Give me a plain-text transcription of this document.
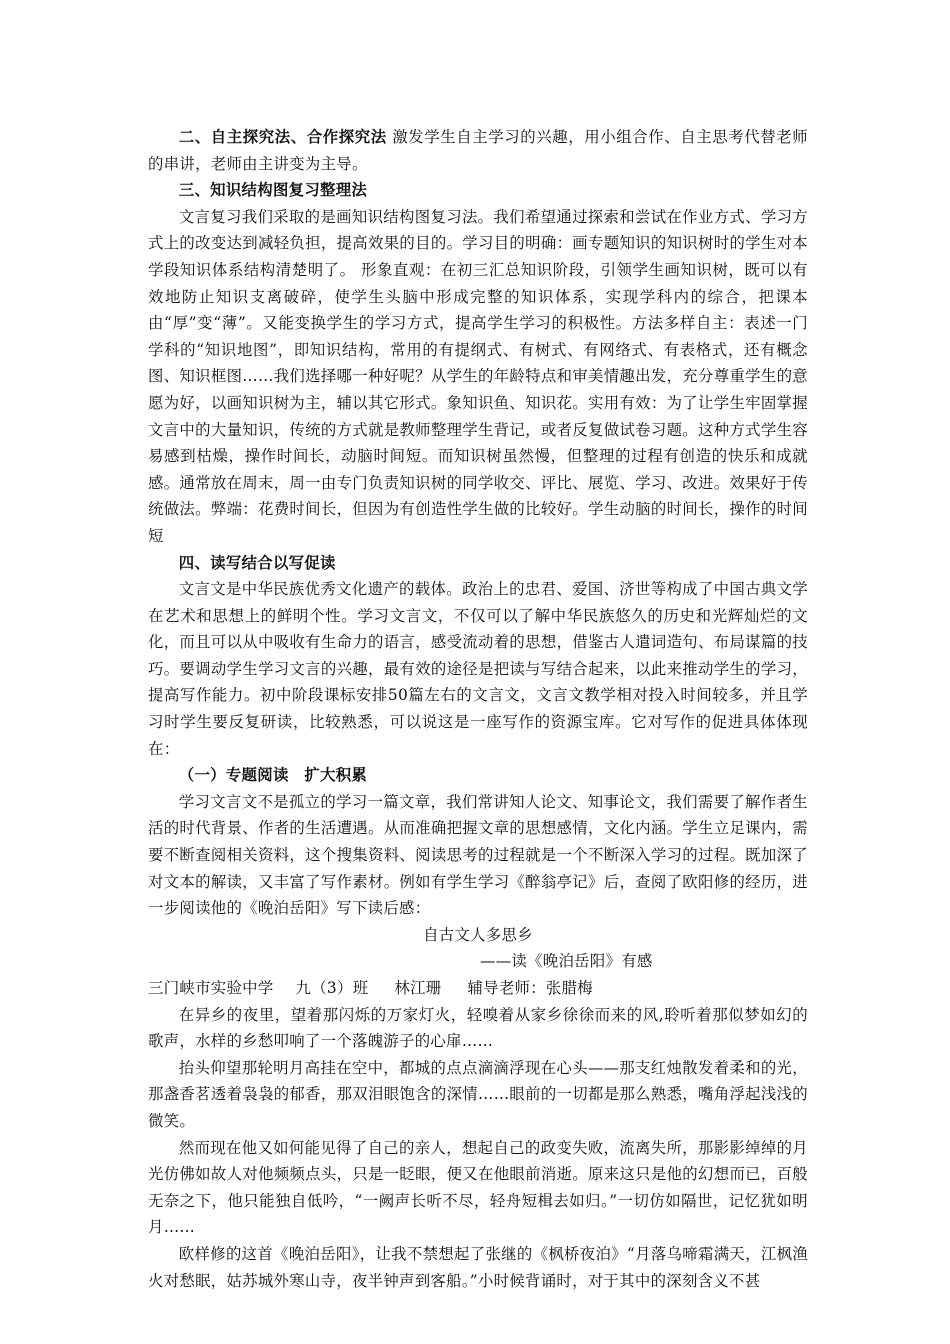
二、自主探究法、合作探究法 激发学生自主学习的兴趣，用小组合作、自主思考代替老师的串讲，老师由主讲变为主导。

三、知识结构图复习整理法

文言复习我们采取的是画知识结构图复习法。我们希望通过探索和尝试在作业方式、学习方式上的改变达到减轻负担，提高效果的目的。学习目的明确：画专题知识的知识树时的学生对本学段知识体系结构清楚明了。 形象直观：在初三汇总知识阶段，引领学生画知识树，既可以有效地防止知识支离破碎，使学生头脑中形成完整的知识体系，实现学科内的综合，把课本由“厚”变“薄”。又能变换学生的学习方式，提高学生学习的积极性。方法多样自主：表述一门学科的“知识地图”，即知识结构，常用的有提纲式、有树式、有网络式、有表格式，还有概念图、知识框图……我们选择哪一种好呢？从学生的年龄特点和审美情趣出发，充分尊重学生的意愿为好，以画知识树为主，辅以其它形式。象知识鱼、知识花。实用有效：为了让学生牢固掌握文言中的大量知识，传统的方式就是教师整理学生背记，或者反复做试卷习题。这种方式学生容易感到枯燥，操作时间长，动脑时间短。而知识树虽然慢，但整理的过程有创造的快乐和成就感。通常放在周末，周一由专门负责知识树的同学收交、评比、展览、学习、改进。效果好于传统做法。弊端：花费时间长，但因为有创造性学生做的比较好。学生动脑的时间长，操作的时间短

四、读写结合以写促读

文言文是中华民族优秀文化遗产的载体。政治上的忠君、爱国、济世等构成了中国古典文学在艺术和思想上的鲜明个性。学习文言文，不仅可以了解中华民族悠久的历史和光辉灿烂的文化，而且可以从中吸收有生命力的语言，感受流动着的思想，借鉴古人遣词造句、布局谋篇的技巧。要调动学生学习文言的兴趣，最有效的途径是把读与写结合起来，以此来推动学生的学习，提高写作能力。初中阶段课标安排50篇左右的文言文，文言文教学相对投入时间较多，并且学习时学生要反复研读，比较熟悉，可以说这是一座写作的资源宝库。它对写作的促进具体体现在：

（一）专题阅读　扩大积累

学习文言文不是孤立的学习一篇文章，我们常讲知人论文、知事论文，我们需要了解作者生活的时代背景、作者的生活遭遇。从而准确把握文章的思想感情，文化内涵。学生立足课内，需要不断查阅相关资料，这个搜集资料、阅读思考的过程就是一个不断深入学习的过程。既加深了对文本的解读，又丰富了写作素材。例如有学生学习《醉翁亭记》后，查阅了欧阳修的经历，进一步阅读他的《晚泊岳阳》写下读后感：

自古文人多思乡

——读《晚泊岳阳》有感

三门峡市实验中学 九（3）班 林江珊 辅导老师：张腊梅

在异乡的夜里，望着那闪烁的万家灯火，轻嗅着从家乡徐徐而来的风,聆听着那似梦如幻的歌声，水样的乡愁叩响了一个落魄游子的心扉……

抬头仰望那轮明月高挂在空中，都城的点点滴滴浮现在心头——那支红烛散发着柔和的光，那盏香茗透着袅袅的郁香，那双泪眼饱含的深情……眼前的一切都是那么熟悉，嘴角浮起浅浅的微笑。

然而现在他又如何能见得了自己的亲人，想起自己的政变失败，流离失所，那影影绰绰的月光仿佛如故人对他频频点头，只是一眨眼，便又在他眼前消逝。原来这只是他的幻想而已，百般无奈之下，他只能独自低吟，“一阙声长听不尽，轻舟短楫去如归。”一切仿如隔世，记忆犹如明月……

欧样修的这首《晚泊岳阳》，让我不禁想起了张继的《枫桥夜泊》“月落乌啼霜满天，江枫渔火对愁眠，姑苏城外寒山寺，夜半钟声到客船。”小时候背诵时，对于其中的深刻含义不甚
